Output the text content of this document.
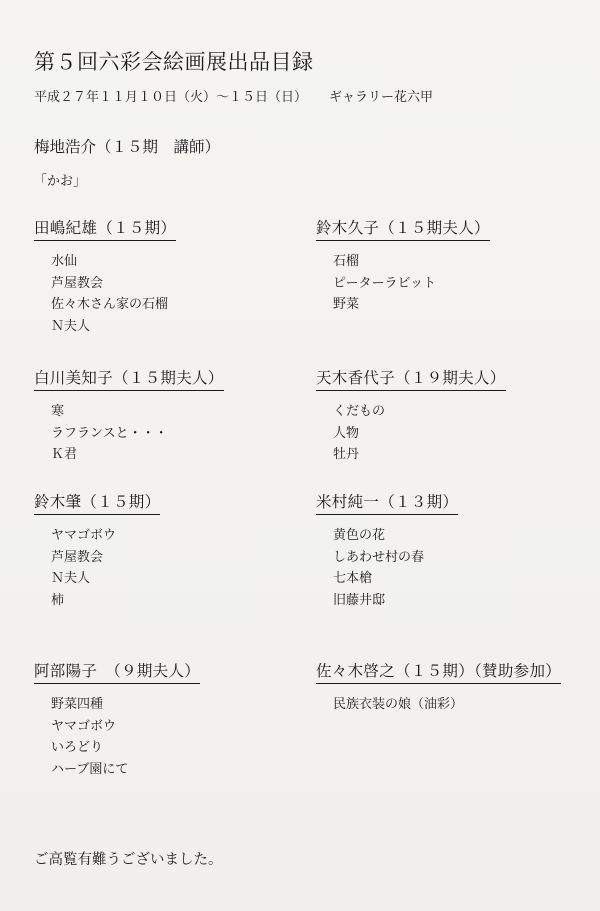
第５回六彩会絵画展出品目録
平成２７年１１月１０日（火）〜１５日（日） ギャラリー花六甲
梅地浩介（１５期　講師）
「かお」
田嶋紀雄（１５期）
水仙
芦屋教会
佐々木さん家の石榴
Ｎ夫人
鈴木久子（１５期夫人）
石榴
ピーターラビット
野菜
白川美知子（１５期夫人）
寒
ラフランスと・・・
Ｋ君
天木香代子（１９期夫人）
くだもの
人物
牡丹
鈴木肇（１５期）
ヤマゴボウ
芦屋教会
Ｎ夫人
柿
米村純一（１３期）
黄色の花
しあわせ村の春
七本槍
旧藤井邸
阿部陽子　（９期夫人）
野菜四種
ヤマゴボウ
いろどり
ハーブ園にて
佐々木啓之（１５期）（賛助参加）
民族衣装の娘（油彩）
ご高覧有難うございました。
